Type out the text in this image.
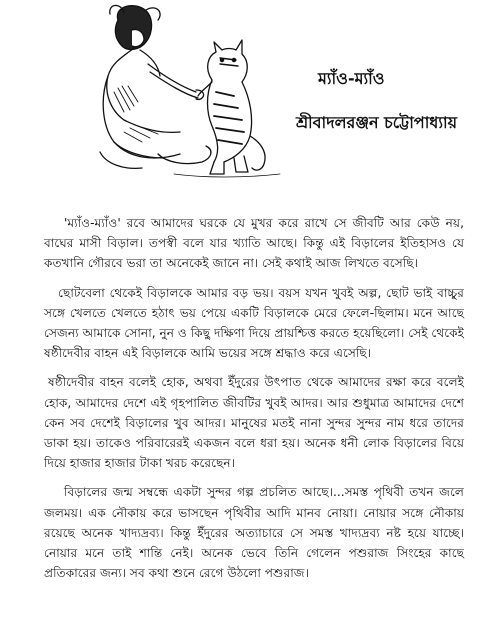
ম্যাঁও-ম্যাঁও
শ্রীবাদলরঞ্জন চট্টোপাধ্যায়

'ম্যাঁও-ম্যাঁও' রবে আমাদের ঘরকে যে মুখর করে রাখে সে জীবটি আর কেউ নয়, বাঘের মাসী বিড়াল। তপস্বী বলে যার খ্যাতি আছে। কিন্তু এই বিড়ালের ইতিহাসও যে কতখানি গৌরবে ভরা তা অনেকেই জানে না। সেই কথাই আজ লিখতে বসেছি।

ছোটবেলা থেকেই বিড়ালকে আমার বড় ভয়। বয়স যখন খুবই অল্প, ছোট ভাই বাচ্চুর সঙ্গে খেলতে খেলতে হঠাৎ ভয় পেয়ে একটি বিড়ালকে মেরে ফেলে-ছিলাম। মনে আছে সেজন্য আমাকে সোনা, নুন ও কিছু দক্ষিণা দিয়ে প্রায়শ্চিত্ত করতে হয়েছিলো। সেই থেকেই ষষ্ঠীদেবীর বাহন এই বিড়ালকে আমি ভয়ের সঙ্গে শ্রদ্ধাও করে এসেছি।

ষষ্ঠীদেবীর বাহন বলেই হোক, অথবা ইঁদুরের উৎপাত থেকে আমাদের রক্ষা করে বলেই হোক, আমাদের দেশে এই গৃহপালিত জীবটির খুবই আদর। আর শুধুমাত্র আমাদের দেশে কেন সব দেশেই বিড়ালের খুব আদর। মানুষের মতই নানা সুন্দর সুন্দর নাম ধরে তাদের ডাকা হয়। তাকেও পরিবারেরই একজন বলে ধরা হয়। অনেক ধনী লোক বিড়ালের বিয়ে দিয়ে হাজার হাজার টাকা খরচ করেছেন।

বিড়ালের জন্ম সম্বন্ধে একটা সুন্দর গল্প প্রচলিত আছে।...সমস্ত পৃথিবী তখন জলে জলময়। এক নৌকায় করে ভাসছেন পৃথিবীর আদি মানব নোয়া। নোয়ার সঙ্গে নৌকায় রয়েছে অনেক খাদ্যদ্রব্য। কিন্তু ইঁদুরের অত্যাচারে সে সমস্ত খাদ্যদ্রব্য নষ্ট হয়ে যাচ্ছে। নোয়ার মনে তাই শান্তি নেই। অনেক ভেবে তিনি গেলেন পশুরাজ সিংহের কাছে প্রতিকারের জন্য। সব কথা শুনে রেগে উঠলো পশুরাজ।
